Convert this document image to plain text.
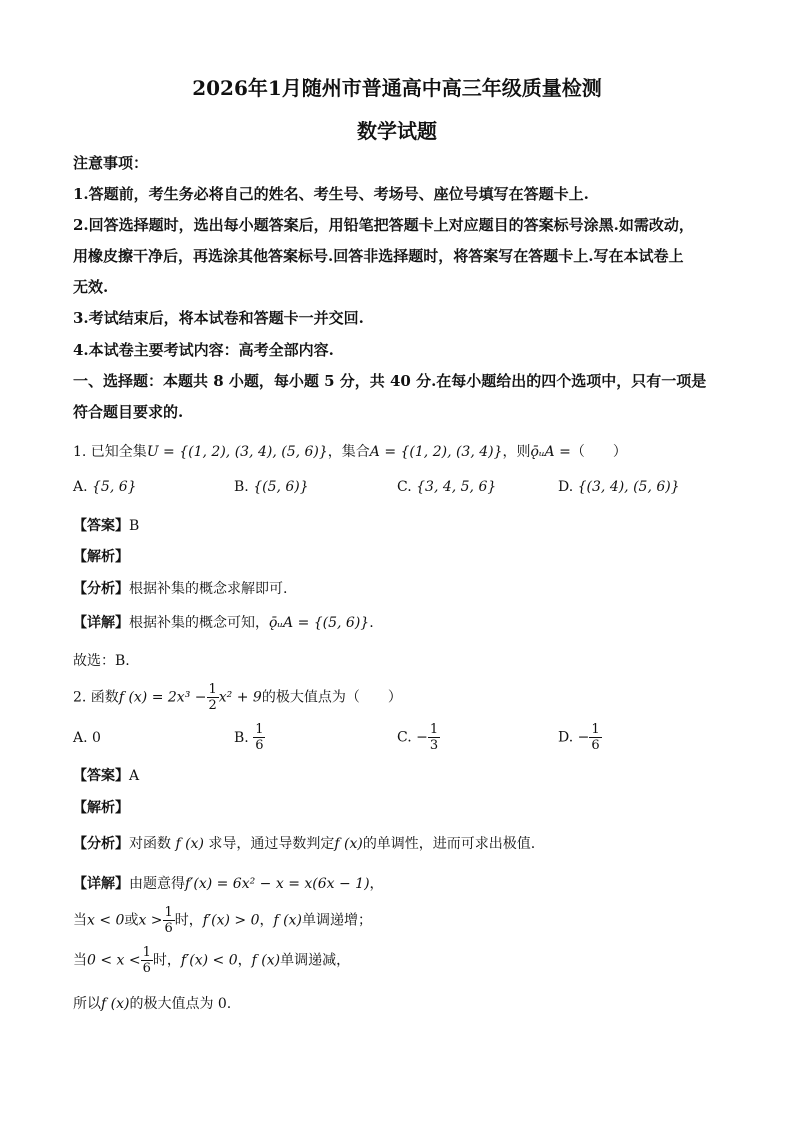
2026年1月随州市普通高中高三年级质量检测
数学试题
注意事项：
1.答题前，考生务必将自己的姓名、考生号、考场号、座位号填写在答题卡上.
2.回答选择题时，选出每小题答案后，用铅笔把答题卡上对应题目的答案标号涂黑.如需改动，
用橡皮擦干净后，再选涂其他答案标号.回答非选择题时，将答案写在答题卡上.写在本试卷上
无效.
3.考试结束后，将本试卷和答题卡一并交回.
4.本试卷主要考试内容：高考全部内容.
一、选择题：本题共 8 小题，每小题 5 分，共 40 分.在每小题给出的四个选项中，只有一项是
符合题目要求的.
1. 已知全集U = {(1, 2), (3, 4), (5, 6)}，集合A = {(1, 2), (3, 4)}，则ǭᵤA =（　　）
A. {5, 6}	B. {(5, 6)}	C. {3, 4, 5, 6}	D. {(3, 4), (5, 6)}
【答案】B
【解析】
【分析】根据补集的概念求解即可.
【详解】根据补集的概念可知，ǭᵤA = {(5, 6)}.
故选：B.
2. 函数f $(x) = 2x^3 - \frac{1}{2} x^2 + 9$的极大值点为（　　）
A. 0	B. $\frac{1}{6}$	C. − $\frac{1}{3}$	D. − $\frac{1}{6}$
【答案】A
【解析】
【分析】对函数 f (x) 求导，通过导数判定f (x)的单调性，进而可求出极值.
【详解】由题意得f′(x) = 6x² − x = x(6x − 1)，
当x < 0或$x > \frac{1}{6}$ 时，f′(x) > 0，f (x)单调递增；
当$0 < x < \frac{1}{6}$ 时，f′(x) < 0，f (x)单调递减，
所以f (x)的极大值点为 0.
